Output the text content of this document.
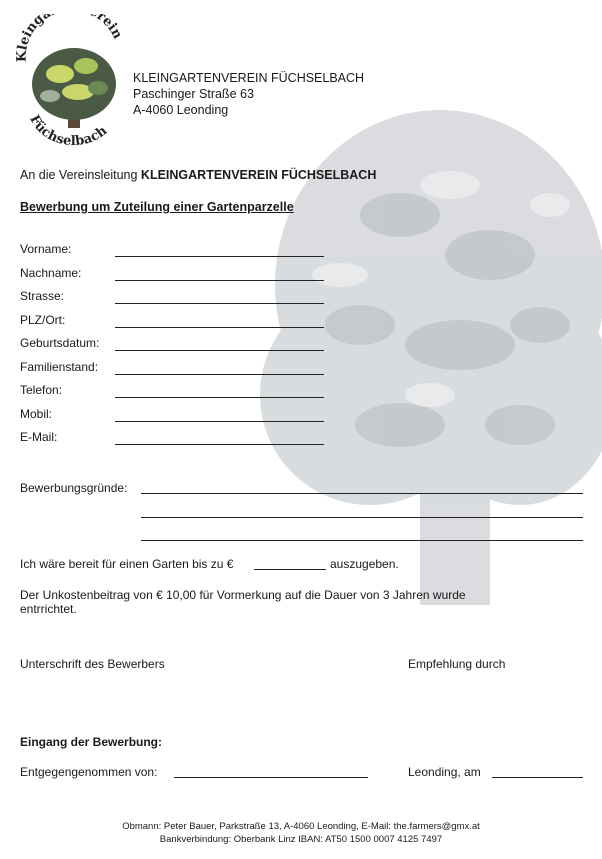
Kleinga rein
Füchselbach
KLEINGARTENVEREIN FÜCHSELBACH
Paschinger Straße 63
A-4060 Leonding
An die Vereinsleitung KLEINGARTENVEREIN FÜCHSELBACH
Bewerbung um Zuteilung einer Gartenparzelle
Vorname:
Nachname:
Strasse:
PLZ/Ort:
Geburtsdatum:
Familienstand:
Telefon:
Mobil:
E-Mail:
Bewerbungsgründe:
Ich wäre bereit für einen Garten bis zu €	auszugeben.
Der Unkostenbeitrag von € 10,00 für Vormerkung auf die Dauer von 3 Jahren wurde entrrichtet.
Unterschrift des Bewerbers	Empfehlung durch
Eingang der Bewerbung:
Entgegengenommen von:	Leonding, am
Obmann: Peter Bauer, Parkstraße 13, A-4060 Leonding, E-Mail: the.farmers@gmx.at
Bankverbindung: Oberbank Linz IBAN: AT50 1500 0007 4125 7497
